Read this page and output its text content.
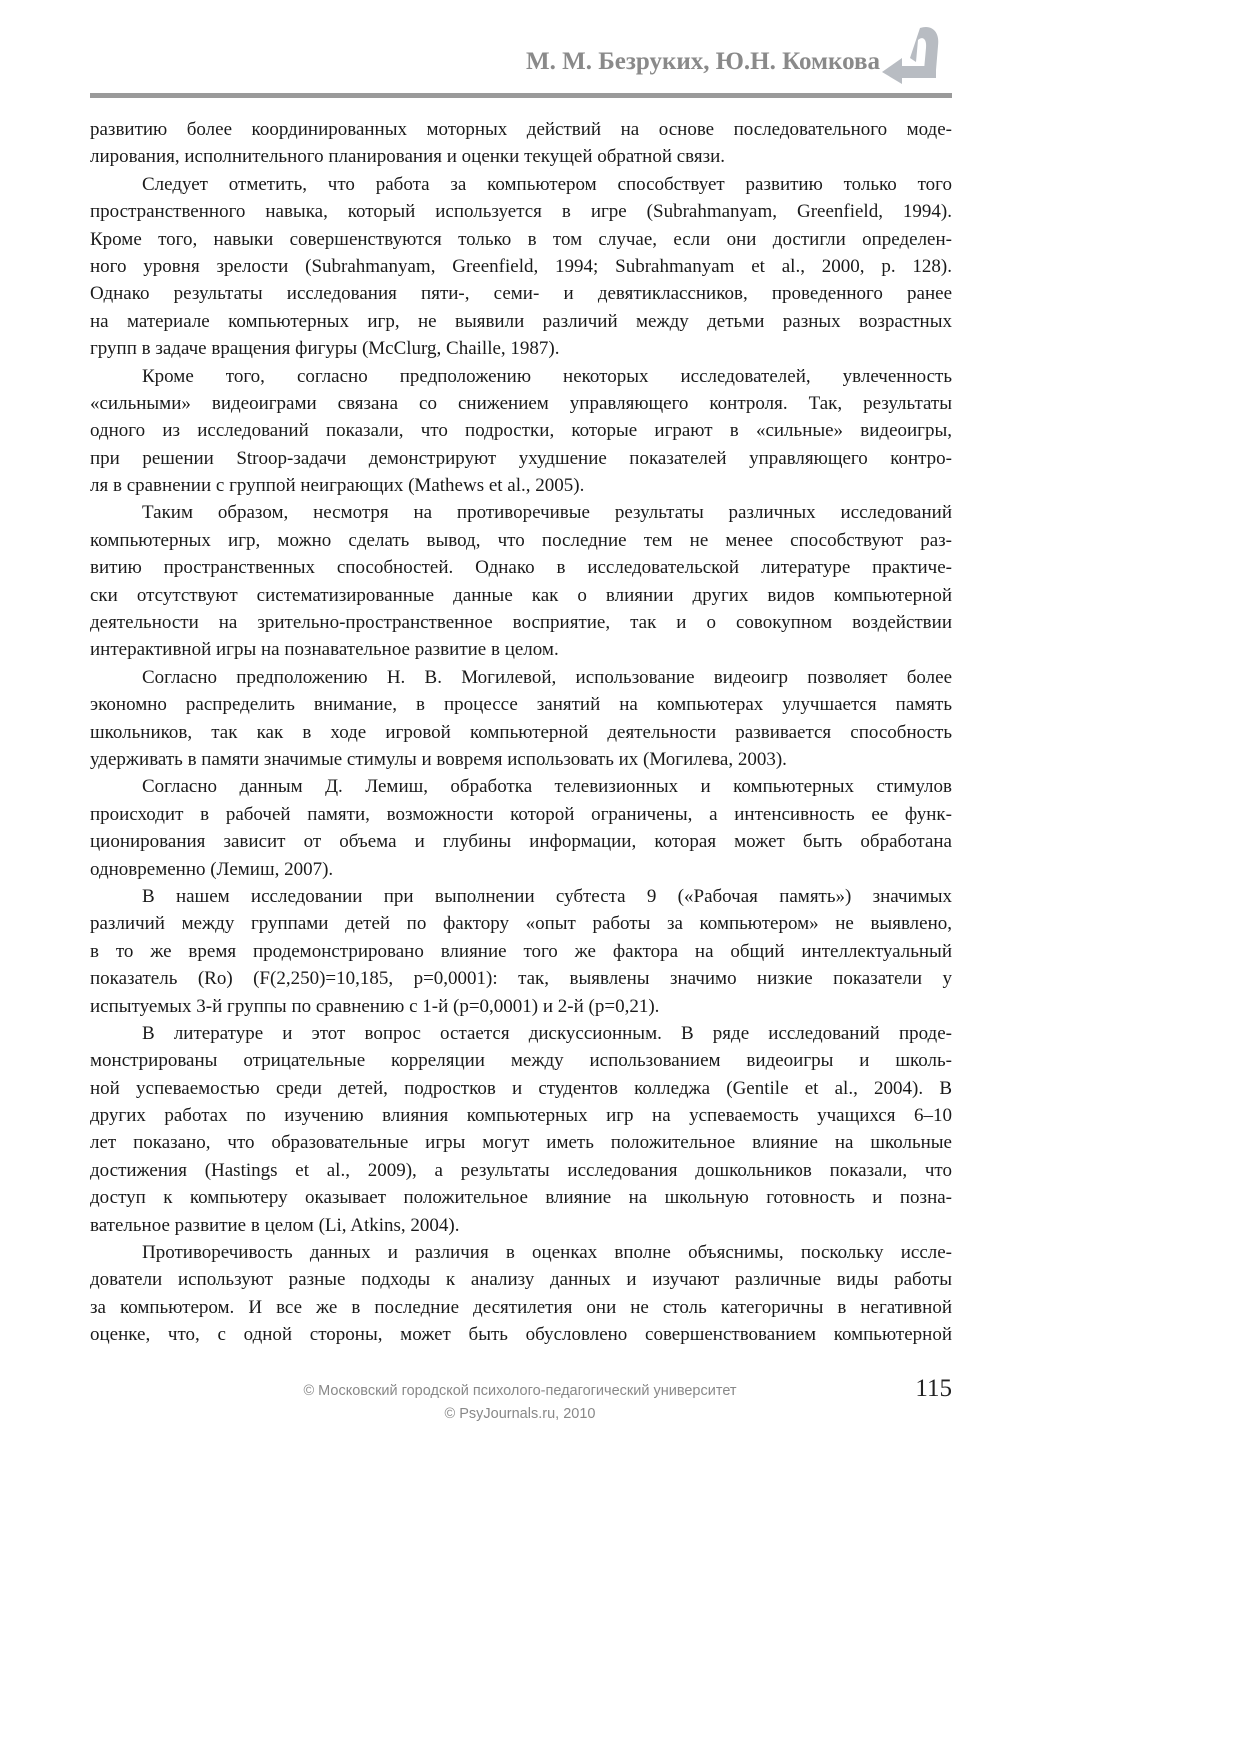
М. М. Безруких, Ю.Н. Комкова
развитию более координированных моторных действий на основе последовательного моде-
лирования, исполнительного планирования и оценки текущей обратной связи.
Следует отметить, что работа за компьютером способствует развитию только того
пространственного навыка, который используется в игре (Subrahmanyam, Greenfield, 1994).
Кроме того, навыки совершенствуются только в том случае, если они достигли определен-
ного уровня зрелости (Subrahmanyam, Greenfield, 1994; Subrahmanyam et al., 2000, p. 128).
Однако результаты исследования пяти-, семи- и девятиклассников, проведенного ранее
на материале компьютерных игр, не выявили различий между детьми разных возрастных
групп в задаче вращения фигуры (McClurg, Chaille, 1987).
Кроме того, согласно предположению некоторых исследователей, увлеченность
«сильными» видеоиграми связана со снижением управляющего контроля. Так, результаты
одного из исследований показали, что подростки, которые играют в «сильные» видеоигры,
при решении Stroop-задачи демонстрируют ухудшение показателей управляющего контро-
ля в сравнении с группой неиграющих (Mathews et al., 2005).
Таким образом, несмотря на противоречивые результаты различных исследований
компьютерных игр, можно сделать вывод, что последние тем не менее способствуют раз-
витию пространственных способностей. Однако в исследовательской литературе практиче-
ски отсутствуют систематизированные данные как о влиянии других видов компьютерной
деятельности на зрительно-пространственное восприятие, так и о совокупном воздействии
интерактивной игры на познавательное развитие в целом.
Согласно предположению Н. В. Могилевой, использование видеоигр позволяет более
экономно распределить внимание, в процессе занятий на компьютерах улучшается память
школьников, так как в ходе игровой компьютерной деятельности развивается способность
удерживать в памяти значимые стимулы и вовремя использовать их (Могилева, 2003).
Согласно данным Д. Лемиш, обработка телевизионных и компьютерных стимулов
происходит в рабочей памяти, возможности которой ограничены, а интенсивность ее функ-
ционирования зависит от объема и глубины информации, которая может быть обработана
одновременно (Лемиш, 2007).
В нашем исследовании при выполнении субтеста 9 («Рабочая память») значимых
различий между группами детей по фактору «опыт работы за компьютером» не выявлено,
в то же время продемонстрировано влияние того же фактора на общий интеллектуальный
показатель (Ro) (F(2,250)=10,185, p=0,0001): так, выявлены значимо низкие показатели у
испытуемых 3-й группы по сравнению с 1-й (p=0,0001) и 2-й (p=0,21).
В литературе и этот вопрос остается дискуссионным. В ряде исследований проде-
монстрированы отрицательные корреляции между использованием видеоигры и школь-
ной успеваемостью среди детей, подростков и студентов колледжа (Gentile et al., 2004). В
других работах по изучению влияния компьютерных игр на успеваемость учащихся 6–10
лет показано, что образовательные игры могут иметь положительное влияние на школьные
достижения (Hastings et al., 2009), а результаты исследования дошкольников показали, что
доступ к компьютеру оказывает положительное влияние на школьную готовность и позна-
вательное развитие в целом (Li, Atkins, 2004).
Противоречивость данных и различия в оценках вполне объяснимы, поскольку иссле-
дователи используют разные подходы к анализу данных и изучают различные виды работы
за компьютером. И все же в последние десятилетия они не столь категоричны в негативной
оценке, что, с одной стороны, может быть обусловлено совершенствованием компьютерной
© Московский городской психолого-педагогический университет
© PsyJournals.ru, 2010
115
